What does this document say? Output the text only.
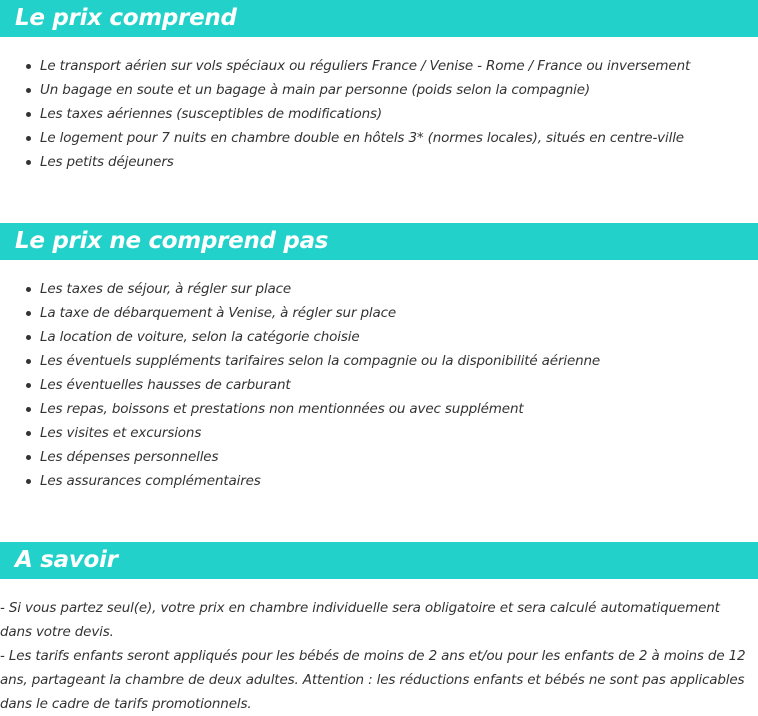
Le prix comprend
Le transport aérien sur vols spéciaux ou réguliers France / Venise - Rome / France ou inversement
Un bagage en soute et un bagage à main par personne (poids selon la compagnie)
Les taxes aériennes (susceptibles de modifications)
Le logement pour 7 nuits en chambre double en hôtels 3* (normes locales), situés en centre-ville
Les petits déjeuners
Le prix ne comprend pas
Les taxes de séjour, à régler sur place
La taxe de débarquement à Venise, à régler sur place
La location de voiture, selon la catégorie choisie
Les éventuels suppléments tarifaires selon la compagnie ou la disponibilité aérienne
Les éventuelles hausses de carburant
Les repas, boissons et prestations non mentionnées ou avec supplément
Les visites et excursions
Les dépenses personnelles
Les assurances complémentaires
A savoir

- Si vous partez seul(e), votre prix en chambre individuelle sera obligatoire et sera calculé automatiquement dans votre devis.

- Les tarifs enfants seront appliqués pour les bébés de moins de 2 ans et/ou pour les enfants de 2 à moins de 12 ans, partageant la chambre de deux adultes. Attention : les réductions enfants et bébés ne sont pas applicables dans le cadre de tarifs promotionnels.
